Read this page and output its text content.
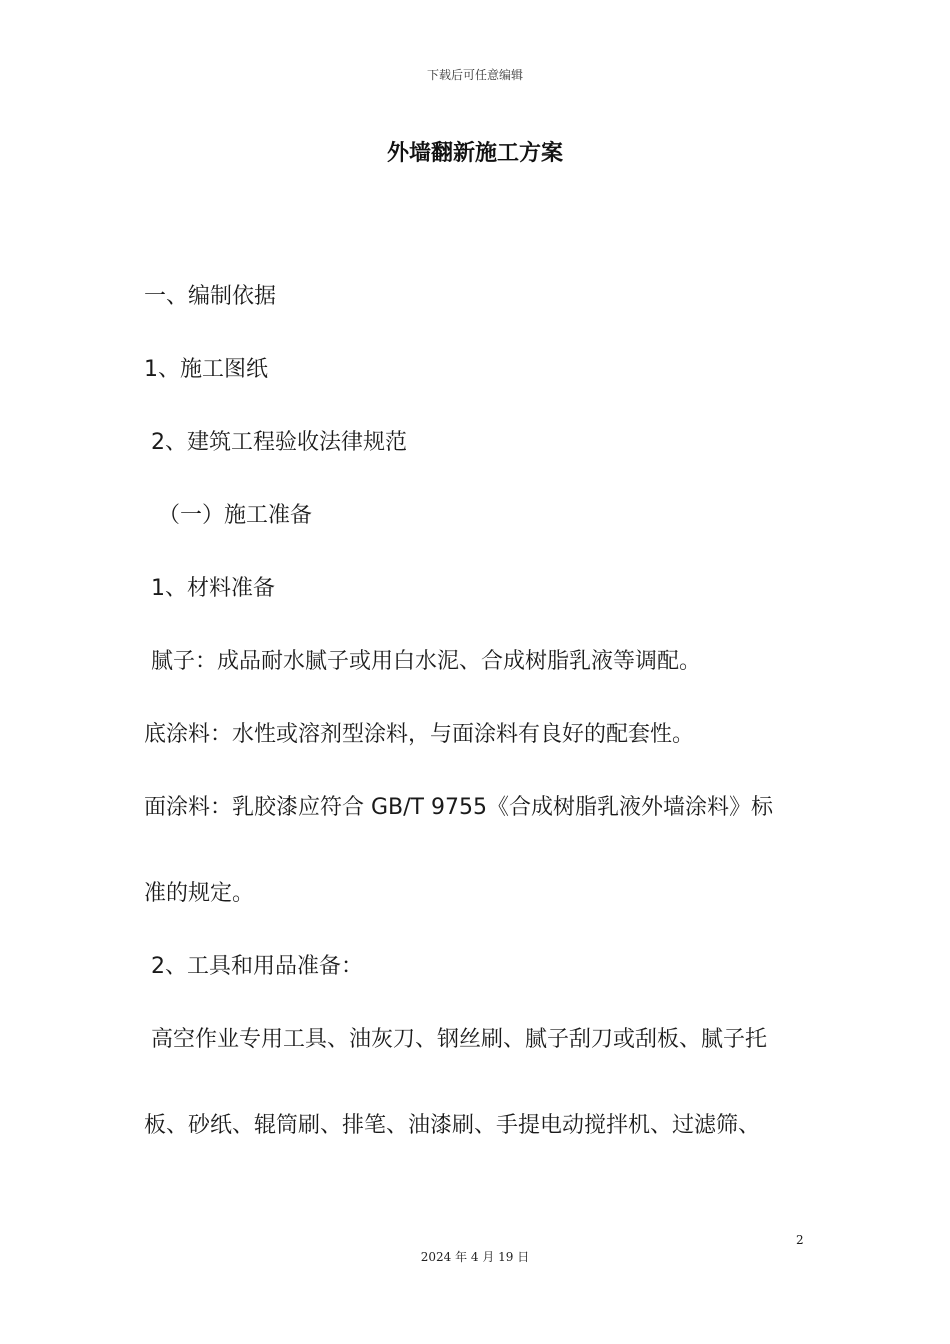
下载后可任意编辑
外墙翻新施工方案
一、编制依据
1、施工图纸
2、建筑工程验收法律规范
（一）施工准备
1、材料准备
腻子：成品耐水腻子或用白水泥、合成树脂乳液等调配。
底涂料：水性或溶剂型涂料，与面涂料有良好的配套性。
面涂料：乳胶漆应符合 GB/T 9755《合成树脂乳液外墙涂料》标
准的规定。
2、工具和用品准备：
高空作业专用工具、油灰刀、钢丝刷、腻子刮刀或刮板、腻子托
板、砂纸、辊筒刷、排笔、油漆刷、手提电动搅拌机、过滤筛、
2
2024 年 4 月 19 日
